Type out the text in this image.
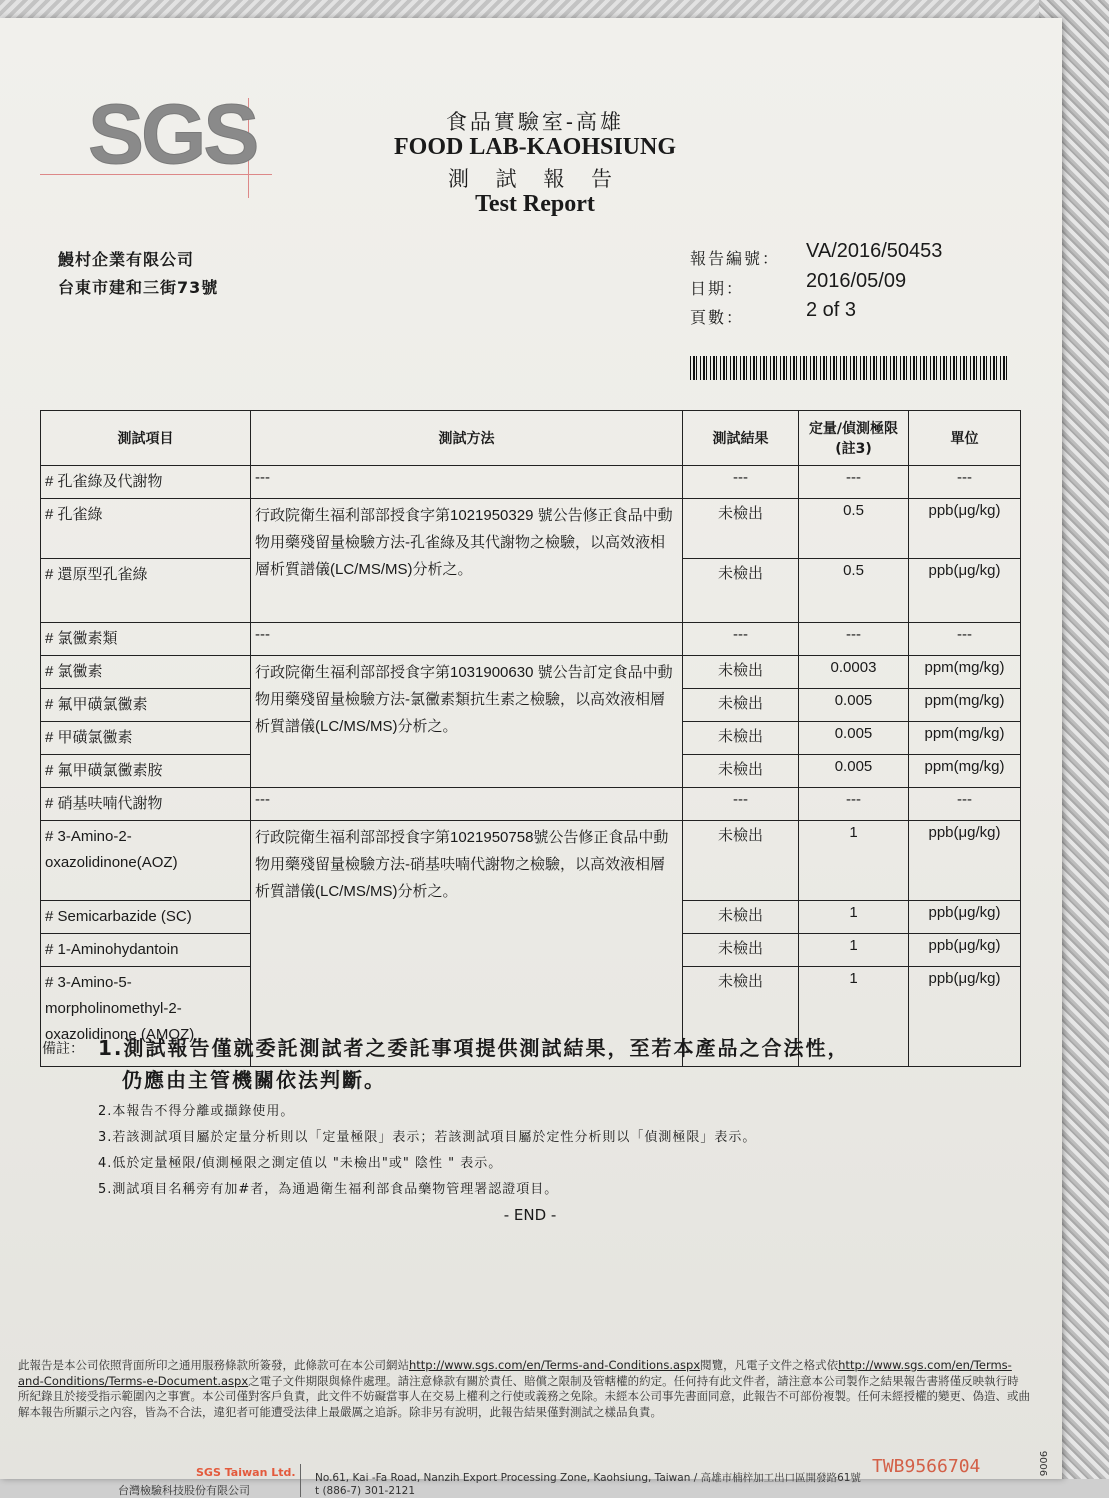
SGS	食品實驗室-高雄
FOOD LAB-KAOHSIUNG
測 試 報 告
Test Report
鰻村企業有限公司
台東市建和三街73號
報告編號： VA/2016/50453
日期：	2016/05/09
頁數：	2 of 3
測試項目	測試方法	測試結果	定量/偵測極限(註3)	單位
# 孔雀綠及代謝物	---	---	---	---
# 孔雀綠	行政院衛生福利部部授食字第1021950329 號公告修正食品中動物用藥殘留量檢驗方法-孔雀綠及其代謝物之檢驗，以高效液相層析質譜儀(LC/MS/MS)分析之。	未檢出	0.5	ppb(μg/kg)
# 還原型孔雀綠		未檢出	0.5	ppb(μg/kg)
# 氯黴素類	---	---	---	---
# 氯黴素	行政院衛生福利部部授食字第1031900630 號公告訂定食品中動物用藥殘留量檢驗方法-氯黴素類抗生素之檢驗，以高效液相層析質譜儀(LC/MS/MS)分析之。	未檢出	0.0003	ppm(mg/kg)
# 氟甲磺氯黴素		未檢出	0.005	ppm(mg/kg)
# 甲磺氯黴素		未檢出	0.005	ppm(mg/kg)
# 氟甲磺氯黴素胺		未檢出	0.005	ppm(mg/kg)
# 硝基呋喃代謝物	---	---	---	---
# 3-Amino-2-oxazolidinone(AOZ)	行政院衛生福利部部授食字第1021950758號公告修正食品中動物用藥殘留量檢驗方法-硝基呋喃代謝物之檢驗，以高效液相層析質譜儀(LC/MS/MS)分析之。	未檢出	1	ppb(μg/kg)
# Semicarbazide (SC)		未檢出	1	ppb(μg/kg)
# 1-Aminohydantoin		未檢出	1	ppb(μg/kg)
# 3-Amino-5-morpholinomethyl-2-oxazolidinone (AMOZ)		未檢出	1	ppb(μg/kg)
備註： 1.測試報告僅就委託測試者之委託事項提供測試結果，至若本產品之合法性，
仍應由主管機關依法判斷。
2.本報告不得分離或擷錄使用。
3.若該測試項目屬於定量分析則以「定量極限」表示；若該測試項目屬於定性分析則以「偵測極限」表示。
4.低於定量極限/偵測極限之測定值以 "未檢出"或" 陰性 " 表示。
5.測試項目名稱旁有加#者，為通過衛生福利部食品藥物管理署認證項目。
- END -
此報告是本公司依照背面所印之通用服務條款所簽發，此條款可在本公司網站http://www.sgs.com/en/Terms-and-Conditions.aspx閱覽，凡電子文件之格式依http://www.sgs.com/en/Terms-and-Conditions/Terms-e-Document.aspx之電子文件期限與條件處理。請注意條款有關於責任、賠償之限制及管轄權的約定。任何持有此文件者，請注意本公司製作之結果報告書將僅反映執行時所紀錄且於接受指示範圍內之事實。本公司僅對客戶負責，此文件不妨礙當事人在交易上權利之行使或義務之免除。未經本公司事先書面同意，此報告不可部份複製。任何未經授權的變更、偽造、或曲解本報告所顯示之內容，皆為不合法，違犯者可能遭受法律上最嚴厲之追訴。除非另有說明，此報告結果僅對測試之樣品負責。
SGS Taiwan Ltd.
台灣檢驗科技股份有限公司
No.61, Kai -Fa Road, Nanzih Export Processing Zone, Kaohsiung, Taiwan / 高雄市楠梓加工出口區開發路61號
t (886-7) 301-2121
TWB9566704	9006
